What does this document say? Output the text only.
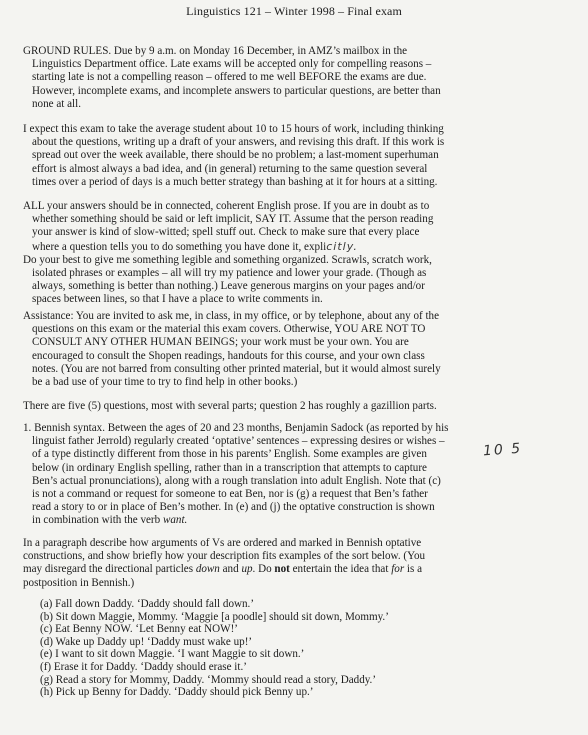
Linguistics 121 – Winter 1998 – Final exam
GROUND RULES. Due by 9 a.m. on Monday 16 December, in AMZ’s mailbox in the
Linguistics Department office. Late exams will be accepted only for compelling reasons –
starting late is not a compelling reason – offered to me well BEFORE the exams are due.
However, incomplete exams, and incomplete answers to particular questions, are better than
none at all.
I expect this exam to take the average student about 10 to 15 hours of work, including thinking
about the questions, writing up a draft of your answers, and revising this draft. If this work is
spread out over the week available, there should be no problem; a last-moment superhuman
effort is almost always a bad idea, and (in general) returning to the same question several
times over a period of days is a much better strategy than bashing at it for hours at a sitting.
ALL your answers should be in connected, coherent English prose. If you are in doubt as to
whether something should be said or left implicit, SAY IT. Assume that the person reading
your answer is kind of slow-witted; spell stuff out. Check to make sure that every place
where a question tells you to do something you have done it, explicitly.
Do your best to give me something legible and something organized. Scrawls, scratch work,
isolated phrases or examples – all will try my patience and lower your grade. (Though as
always, something is better than nothing.) Leave generous margins on your pages and/or
spaces between lines, so that I have a place to write comments in.
Assistance: You are invited to ask me, in class, in my office, or by telephone, about any of the
questions on this exam or the material this exam covers. Otherwise, YOU ARE NOT TO
CONSULT ANY OTHER HUMAN BEINGS; your work must be your own. You are
encouraged to consult the Shopen readings, handouts for this course, and your own class
notes. (You are not barred from consulting other printed material, but it would almost surely
be a bad use of your time to try to find help in other books.)
There are five (5) questions, most with several parts; question 2 has roughly a gazillion parts.
10 5
1. Bennish syntax. Between the ages of 20 and 23 months, Benjamin Sadock (as reported by his
linguist father Jerrold) regularly created ‘optative’ sentences – expressing desires or wishes –
of a type distinctly different from those in his parents’ English. Some examples are given
below (in ordinary English spelling, rather than in a transcription that attempts to capture
Ben’s actual pronunciations), along with a rough translation into adult English. Note that (c)
is not a command or request for someone to eat Ben, nor is (g) a request that Ben’s father
read a story to or in place of Ben’s mother. In (e) and (j) the optative construction is shown
in combination with the verb want.
In a paragraph describe how arguments of Vs are ordered and marked in Bennish optative
constructions, and show briefly how your description fits examples of the sort below. (You
may disregard the directional particles down and up. Do not entertain the idea that for is a
postposition in Bennish.)
(a) Fall down Daddy. ‘Daddy should fall down.’
(b) Sit down Maggie, Mommy. ‘Maggie [a poodle] should sit down, Mommy.’
(c) Eat Benny NOW. ‘Let Benny eat NOW!’
(d) Wake up Daddy up! ‘Daddy must wake up!’
(e) I want to sit down Maggie. ‘I want Maggie to sit down.’
(f) Erase it for Daddy. ‘Daddy should erase it.’
(g) Read a story for Mommy, Daddy. ‘Mommy should read a story, Daddy.’
(h) Pick up Benny for Daddy. ‘Daddy should pick Benny up.’
